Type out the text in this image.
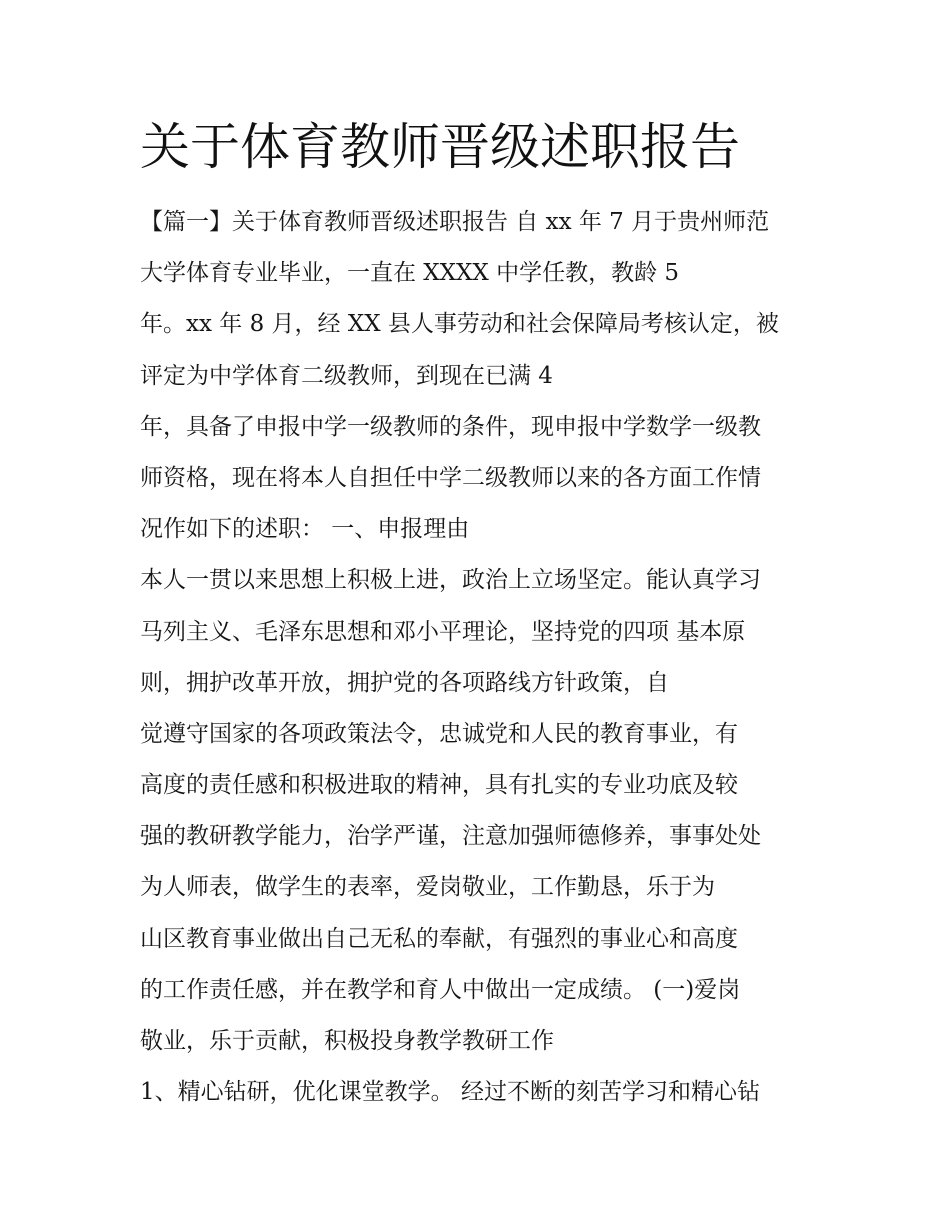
关于体育教师晋级述职报告
【篇一】关于体育教师晋级述职报告 自 xx 年 7 月于贵州师范
大学体育专业毕业，一直在 XXXX 中学任教，教龄 5
年。xx 年 8 月，经 XX 县人事劳动和社会保障局考核认定，被
评定为中学体育二级教师，到现在已满 4
年，具备了申报中学一级教师的条件，现申报中学数学一级教
师资格，现在将本人自担任中学二级教师以来的各方面工作情
况作如下的述职： 一、申报理由
本人一贯以来思想上积极上进，政治上立场坚定。能认真学习
马列主义、毛泽东思想和邓小平理论，坚持党的四项 基本原
则，拥护改革开放，拥护党的各项路线方针政策，自
觉遵守国家的各项政策法令，忠诚党和人民的教育事业，有
高度的责任感和积极进取的精神，具有扎实的专业功底及较
强的教研教学能力，治学严谨，注意加强师德修养，事事处处
为人师表，做学生的表率，爱岗敬业，工作勤恳，乐于为
山区教育事业做出自己无私的奉献，有强烈的事业心和高度
的工作责任感，并在教学和育人中做出一定成绩。 (一)爱岗
敬业，乐于贡献，积极投身教学教研工作
1、精心钻研，优化课堂教学。 经过不断的刻苦学习和精心钻
